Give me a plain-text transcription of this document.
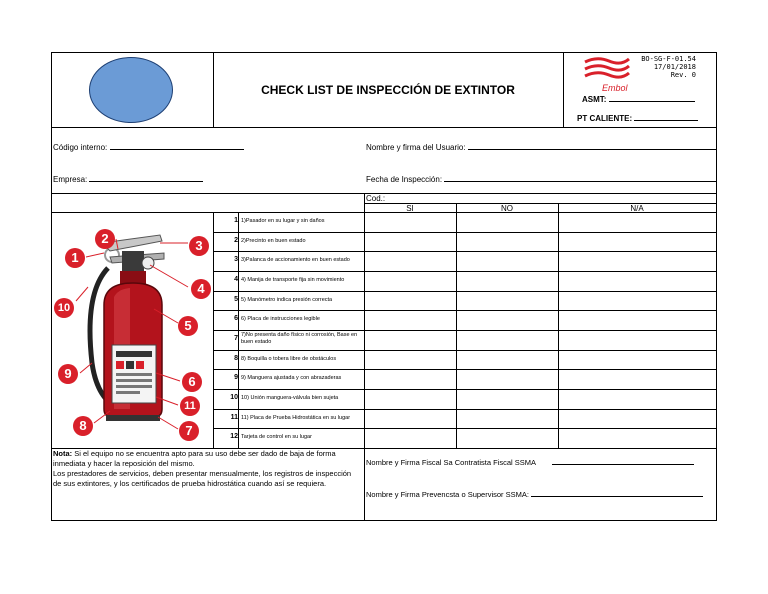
CHECK LIST DE INSPECCIÓN DE EXTINTOR	Embol
BO-SG-F-01.54
17/01/2018
Rev. 0
ASMT:
PT CALIENTE:
Código interno:	Nombre y firma del Usuario:
Empresa:	Fecha de Inspección:
Cod.:
SI	NO	N/A
1 1)Pasador en su lugar y sin daños
2 2)Precinto en buen estado
3 3)Palanca de accionamiento en buen estado
4 4) Manija de transporte fija sin movimiento
5 5) Manómetro indica presión correcta
6 6) Placa de instrucciones legible
7 7)No presenta daño físico ni corrosión, Base en buen estado
8 8) Boquilla o tobera libre de obstáculos
9 9) Manguera ajustada y con abrazaderas
10 10) Unión manguera-válvula bien sujeta
11 11) Placa de Prueba Hidrostática en su lugar
12 Tarjeta de control en su lugar
1
2	3
4
5
6
7
8
9
10
11
Nota: Si el equipo no se encuentra apto para su uso debe ser dado de baja de forma inmediata y hacer la reposición del mismo.
Los prestadores de servicios, deben presentar mensualmente, los registros de inspección de sus extintores, y los certificados de prueba hidrostática cuando así se requiera.
Nombre y Firma Fiscal Sa Contratista Fiscal SSMA
Nombre y Firma Prevencsta o Supervisor SSMA:
